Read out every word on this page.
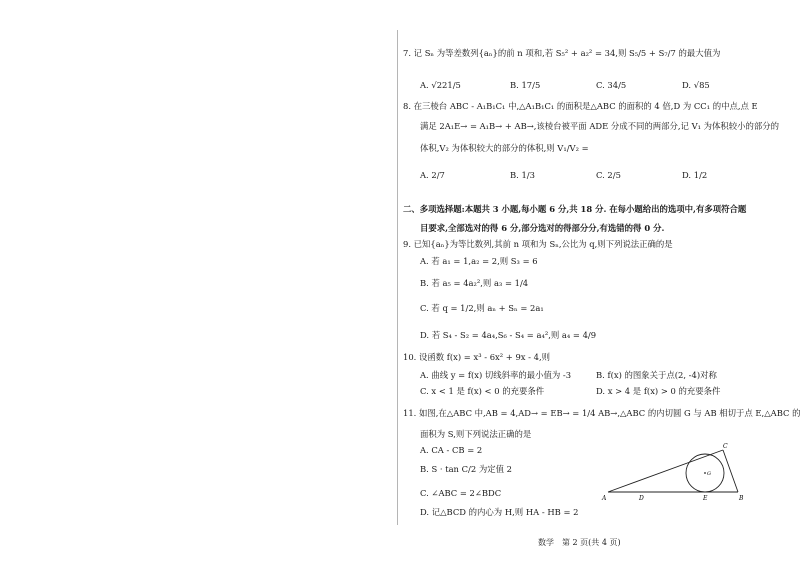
7. 记 Sₙ 为等差数列{aₙ}的前 n 项和,若 S₅² + a₂² = 34,则 S₅/5 + S₇/7 的最大值为
A. √221/5	B. 17/5	C. 34/5	D. √85
8. 在三棱台 ABC - A₁B₁C₁ 中,△A₁B₁C₁ 的面积是△ABC 的面积的 4 倍,D 为 CC₁ 的中点,点 E
满足 2A₁E→ = A₁B→ + AB→,该棱台被平面 ADE 分成不同的两部分,记 V₁ 为体积较小的部分的
体积,V₂ 为体积较大的部分的体积,则 V₁/V₂ =
A. 2/7	B. 1/3	C. 2/5	D. 1/2
二、多项选择题:本题共 3 小题,每小题 6 分,共 18 分. 在每小题给出的选项中,有多项符合题
目要求,全部选对的得 6 分,部分选对的得部分分,有选错的得 0 分.
9. 已知{aₙ}为等比数列,其前 n 项和为 Sₙ,公比为 q,则下列说法正确的是
A. 若 a₁ = 1,a₂ = 2,则 S₃ = 6
B. 若 a₅ = 4a₂²,则 a₃ = 1/4
C. 若 q = 1/2,则 aₙ + Sₙ = 2a₁
D. 若 S₄ - S₂ = 4a₄,S₆ - S₄ = a₄²,则 a₄ = 4/9
10. 设函数 f(x) = x³ - 6x² + 9x - 4,则
A. 曲线 y = f(x) 切线斜率的最小值为 -3	B. f(x) 的图象关于点(2, -4)对称
C. x < 1 是 f(x) < 0 的充要条件	D. x > 4 是 f(x) > 0 的充要条件
11. 如图,在△ABC 中,AB = 4,AD→ = EB→ = 1/4 AB→,△ABC 的内切圆 G 与 AB 相切于点 E,△ABC 的
面积为 S,则下列说法正确的是
A. CA - CB = 2
B. S · tan C/2 为定值 2
C. ∠ABC = 2∠BDC
D. 记△BCD 的内心为 H,则 HA - HB = 2
A	B
C
D	E
G
数学　第 2 页(共 4 页)
